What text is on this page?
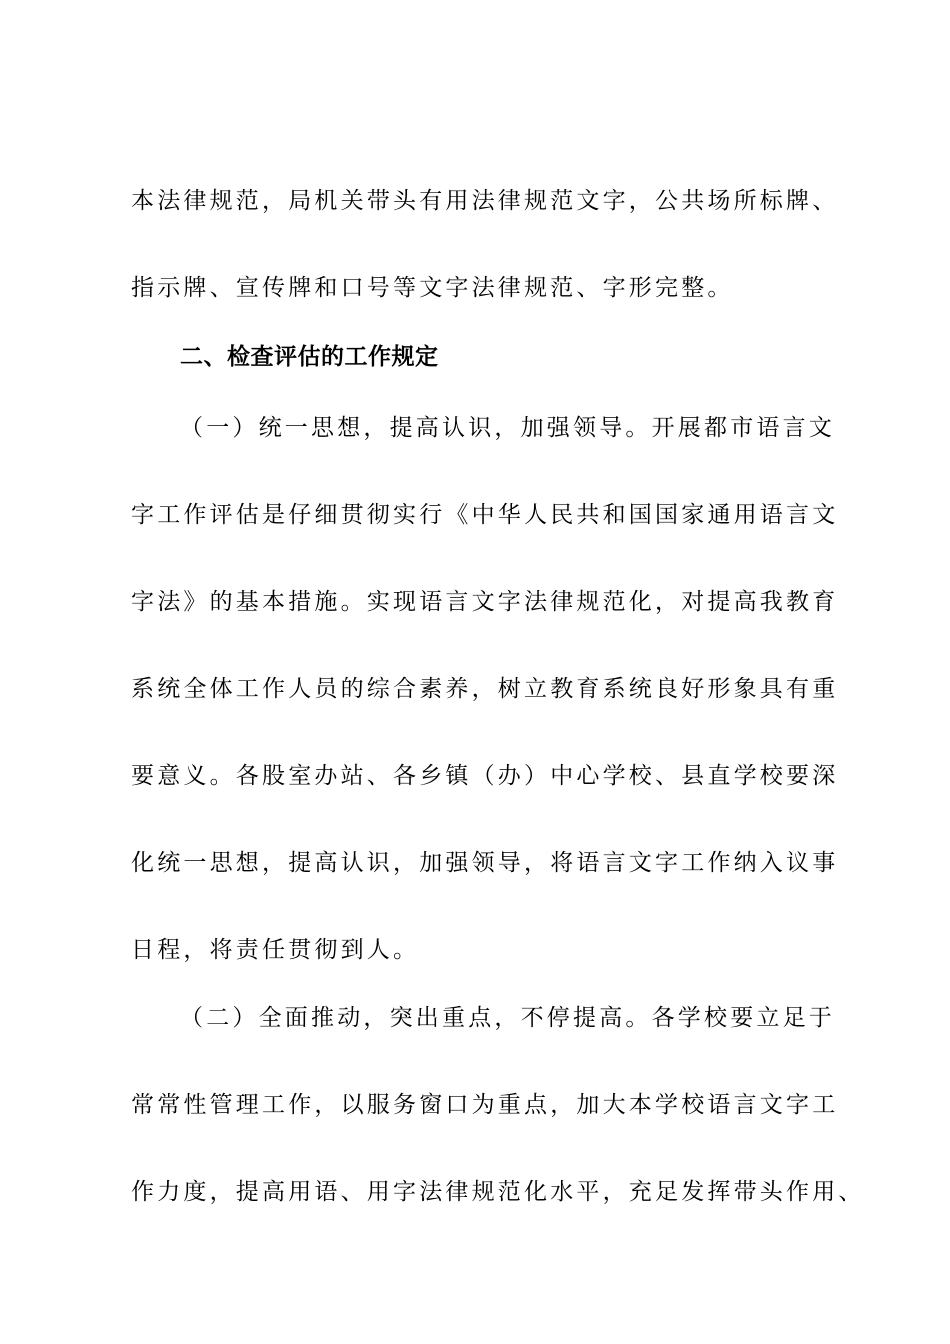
本法律规范，局机关带头有用法律规范文字，公共场所标牌、
指示牌、宣传牌和口号等文字法律规范、字形完整。
二、检查评估的工作规定
（一）统一思想，提高认识，加强领导。开展都市语言文
字工作评估是仔细贯彻实行《中华人民共和国国家通用语言文
字法》的基本措施。实现语言文字法律规范化，对提高我教育
系统全体工作人员的综合素养，树立教育系统良好形象具有重
要意义。各股室办站、各乡镇（办）中心学校、县直学校要深
化统一思想，提高认识，加强领导，将语言文字工作纳入议事
日程，将责任贯彻到人。
（二）全面推动，突出重点，不停提高。各学校要立足于
常常性管理工作，以服务窗口为重点，加大本学校语言文字工
作力度，提高用语、用字法律规范化水平，充足发挥带头作用、
